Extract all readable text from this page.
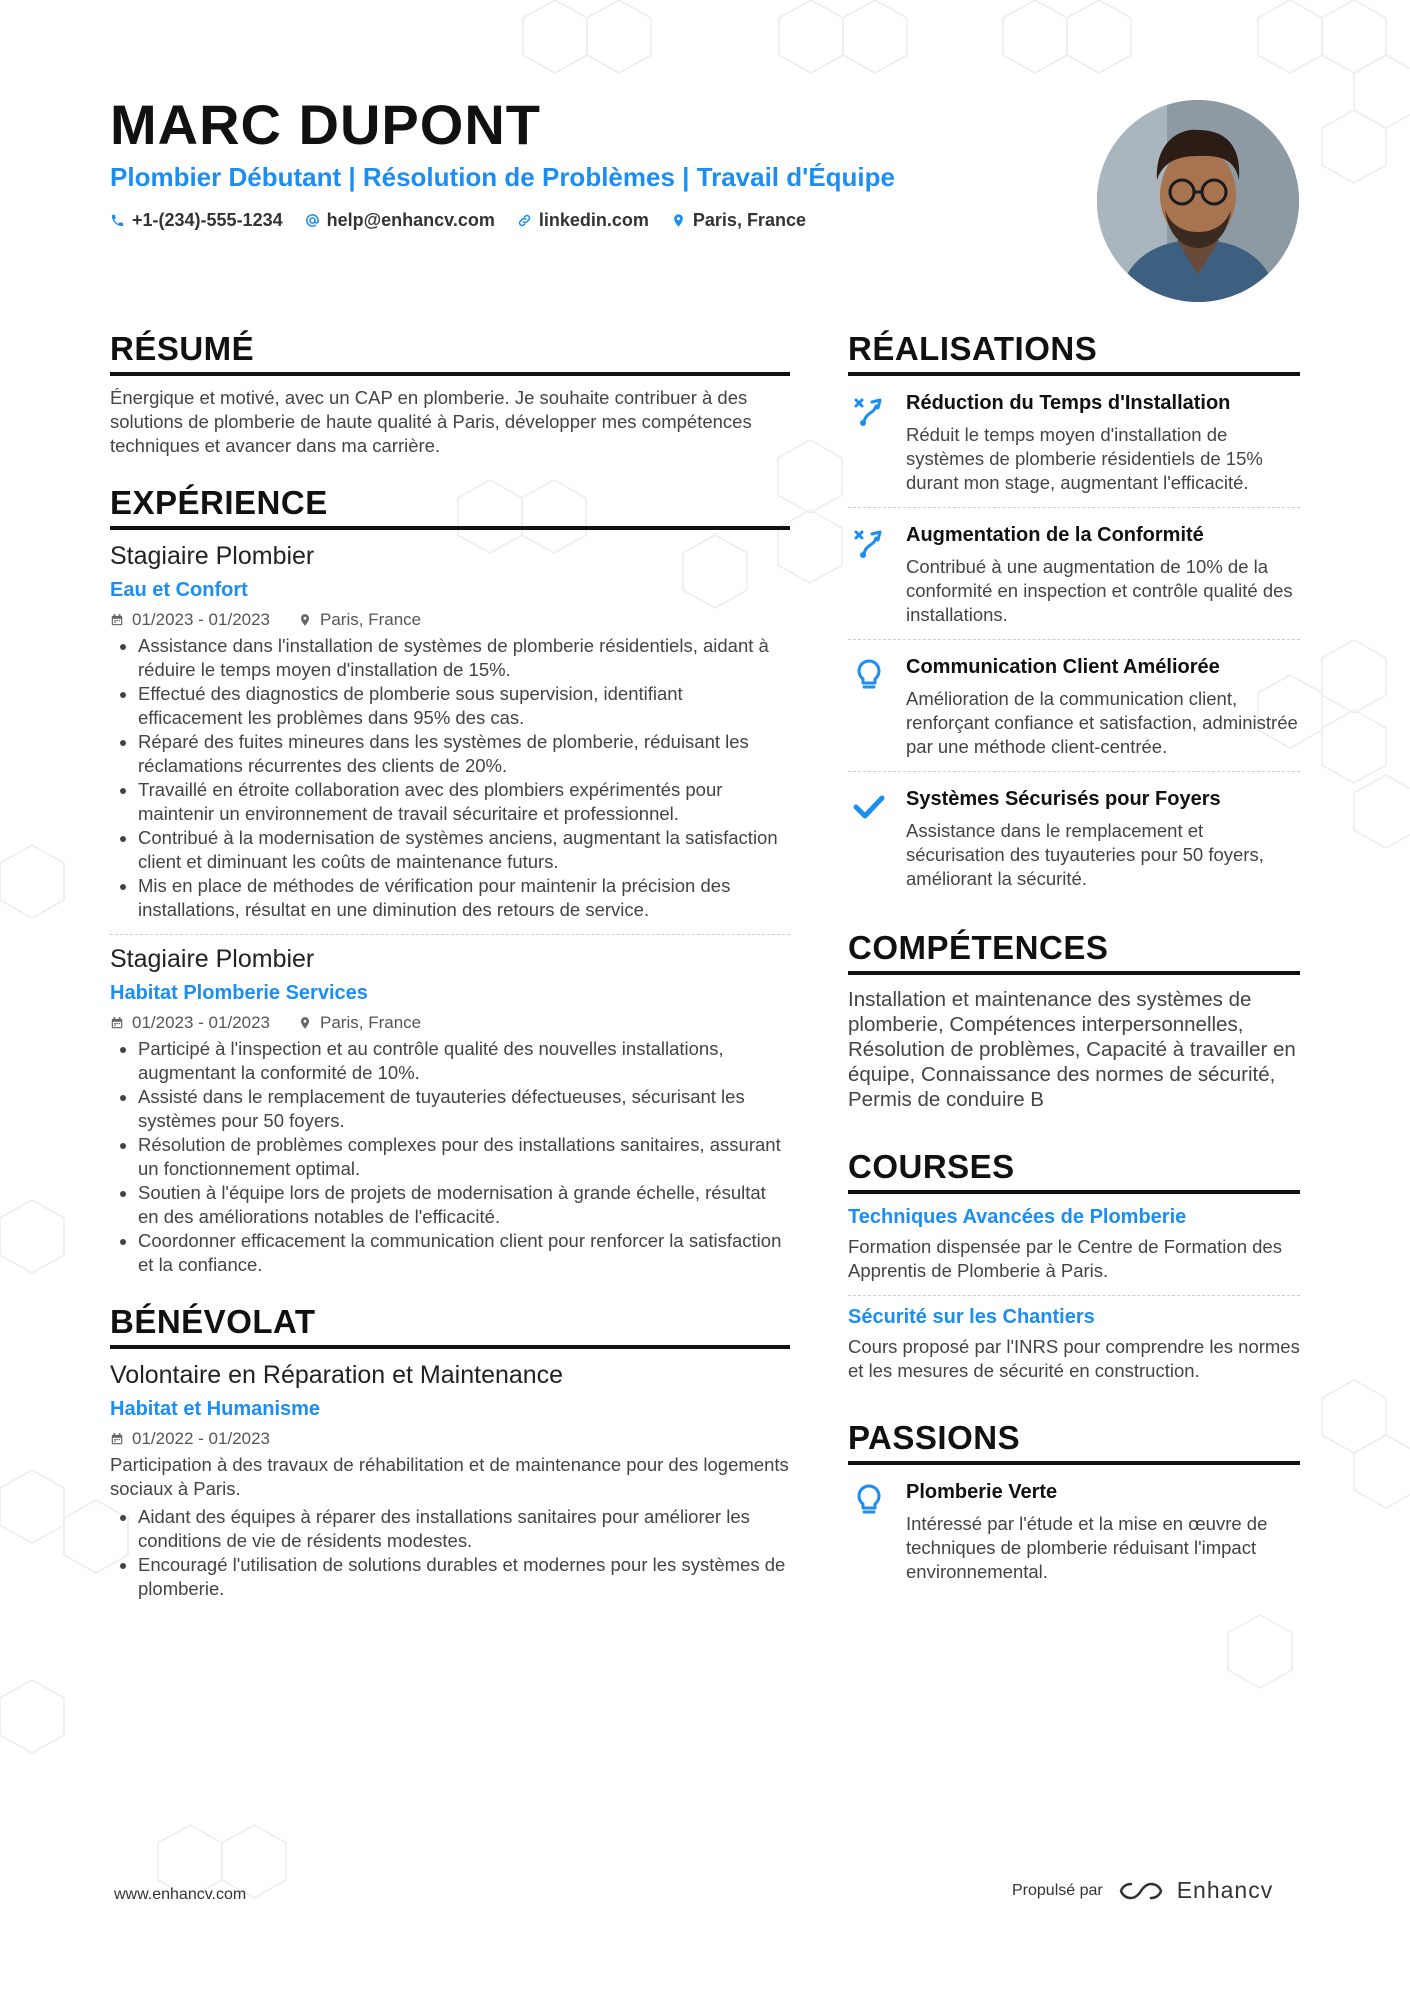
MARC DUPONT

Plombier Débutant | Résolution de Problèmes | Travail d'Équipe

+1-(234)-555-1234 help@enhancv.com linkedin.com Paris, France
RÉSUMÉ

Énergique et motivé, avec un CAP en plomberie. Je souhaite contribuer à des solutions de plomberie de haute qualité à Paris, développer mes compétences techniques et avancer dans ma carrière.

EXPÉRIENCE

Stagiaire Plombier

Eau et Confort

01/2023 - 01/2023	Paris, France
• Assistance dans l'installation de systèmes de plomberie résidentiels, aidant à réduire le temps moyen d'installation de 15%.
• Effectué des diagnostics de plomberie sous supervision, identifiant efficacement les problèmes dans 95% des cas.
• Réparé des fuites mineures dans les systèmes de plomberie, réduisant les réclamations récurrentes des clients de 20%.
• Travaillé en étroite collaboration avec des plombiers expérimentés pour maintenir un environnement de travail sécuritaire et professionnel.
• Contribué à la modernisation de systèmes anciens, augmentant la satisfaction client et diminuant les coûts de maintenance futurs.
• Mis en place de méthodes de vérification pour maintenir la précision des installations, résultat en une diminution des retours de service.

Stagiaire Plombier

Habitat Plomberie Services

01/2023 - 01/2023	Paris, France
• Participé à l'inspection et au contrôle qualité des nouvelles installations, augmentant la conformité de 10%.
• Assisté dans le remplacement de tuyauteries défectueuses, sécurisant les systèmes pour 50 foyers.
• Résolution de problèmes complexes pour des installations sanitaires, assurant un fonctionnement optimal.
• Soutien à l'équipe lors de projets de modernisation à grande échelle, résultat en des améliorations notables de l'efficacité.
• Coordonner efficacement la communication client pour renforcer la satisfaction et la confiance.
BÉNÉVOLAT

Volontaire en Réparation et Maintenance

Habitat et Humanisme

01/2022 - 01/2023

Participation à des travaux de réhabilitation et de maintenance pour des logements sociaux à Paris.

• Aidant des équipes à réparer des installations sanitaires pour améliorer les conditions de vie de résidents modestes.
• Encouragé l'utilisation de solutions durables et modernes pour les systèmes de plomberie.
RÉALISATIONS

Réduction du Temps d'Installation

Réduit le temps moyen d'installation de systèmes de plomberie résidentiels de 15% durant mon stage, augmentant l'efficacité.

Augmentation de la Conformité

Contribué à une augmentation de 10% de la conformité en inspection et contrôle qualité des installations.

Communication Client Améliorée

Amélioration de la communication client, renforçant confiance et satisfaction, administrée par une méthode client-centrée.

Systèmes Sécurisés pour Foyers

Assistance dans le remplacement et sécurisation des tuyauteries pour 50 foyers, améliorant la sécurité.

COMPÉTENCES

Installation et maintenance des systèmes de plomberie, Compétences interpersonnelles, Résolution de problèmes, Capacité à travailler en équipe, Connaissance des normes de sécurité, Permis de conduire B

COURSES

Techniques Avancées de Plomberie

Formation dispensée par le Centre de Formation des Apprentis de Plomberie à Paris.

Sécurité sur les Chantiers

Cours proposé par l'INRS pour comprendre les normes et les mesures de sécurité en construction.

PASSIONS

Plomberie Verte

Intéressé par l'étude et la mise en œuvre de techniques de plomberie réduisant l'impact environnemental.

www.enhancv.com	Propulsé par	Enhancv
